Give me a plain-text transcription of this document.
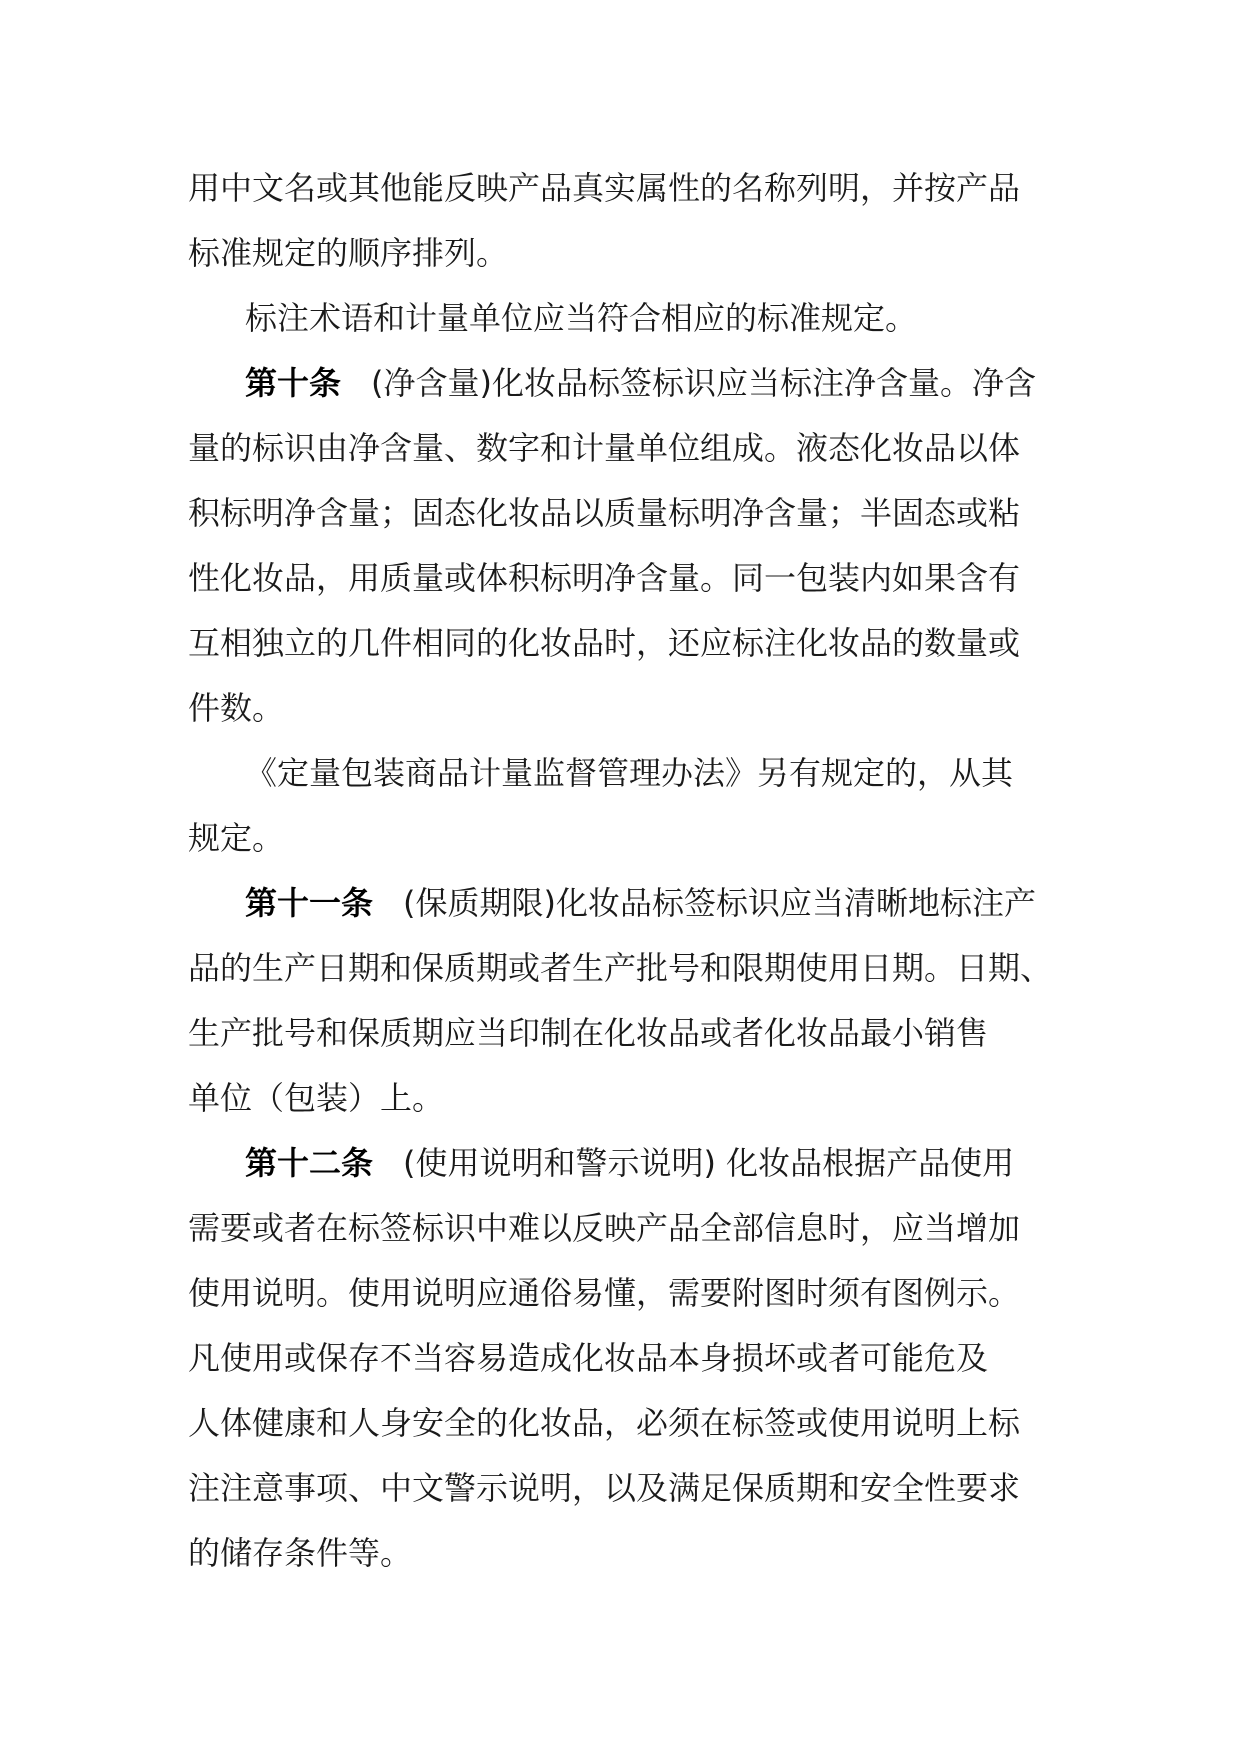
用中文名或其他能反映产品真实属性的名称列明，并按产品

标准规定的顺序排列。

标注术语和计量单位应当符合相应的标准规定。

第十条 (净含量)化妆品标签标识应当标注净含量。净含

量的标识由净含量、数字和计量单位组成。液态化妆品以体

积标明净含量；固态化妆品以质量标明净含量；半固态或粘

性化妆品，用质量或体积标明净含量。同一包装内如果含有

互相独立的几件相同的化妆品时，还应标注化妆品的数量或

件数。

《定量包装商品计量监督管理办法》另有规定的，从其

规定。

第十一条 (保质期限)化妆品标签标识应当清晰地标注产

品的生产日期和保质期或者生产批号和限期使用日期。日期、

生产批号和保质期应当印制在化妆品或者化妆品最小销售

单位（包装）上。

第十二条 (使用说明和警示说明) 化妆品根据产品使用

需要或者在标签标识中难以反映产品全部信息时，应当增加

使用说明。使用说明应通俗易懂，需要附图时须有图例示。

凡使用或保存不当容易造成化妆品本身损坏或者可能危及

人体健康和人身安全的化妆品，必须在标签或使用说明上标

注注意事项、中文警示说明，以及满足保质期和安全性要求

的储存条件等。
